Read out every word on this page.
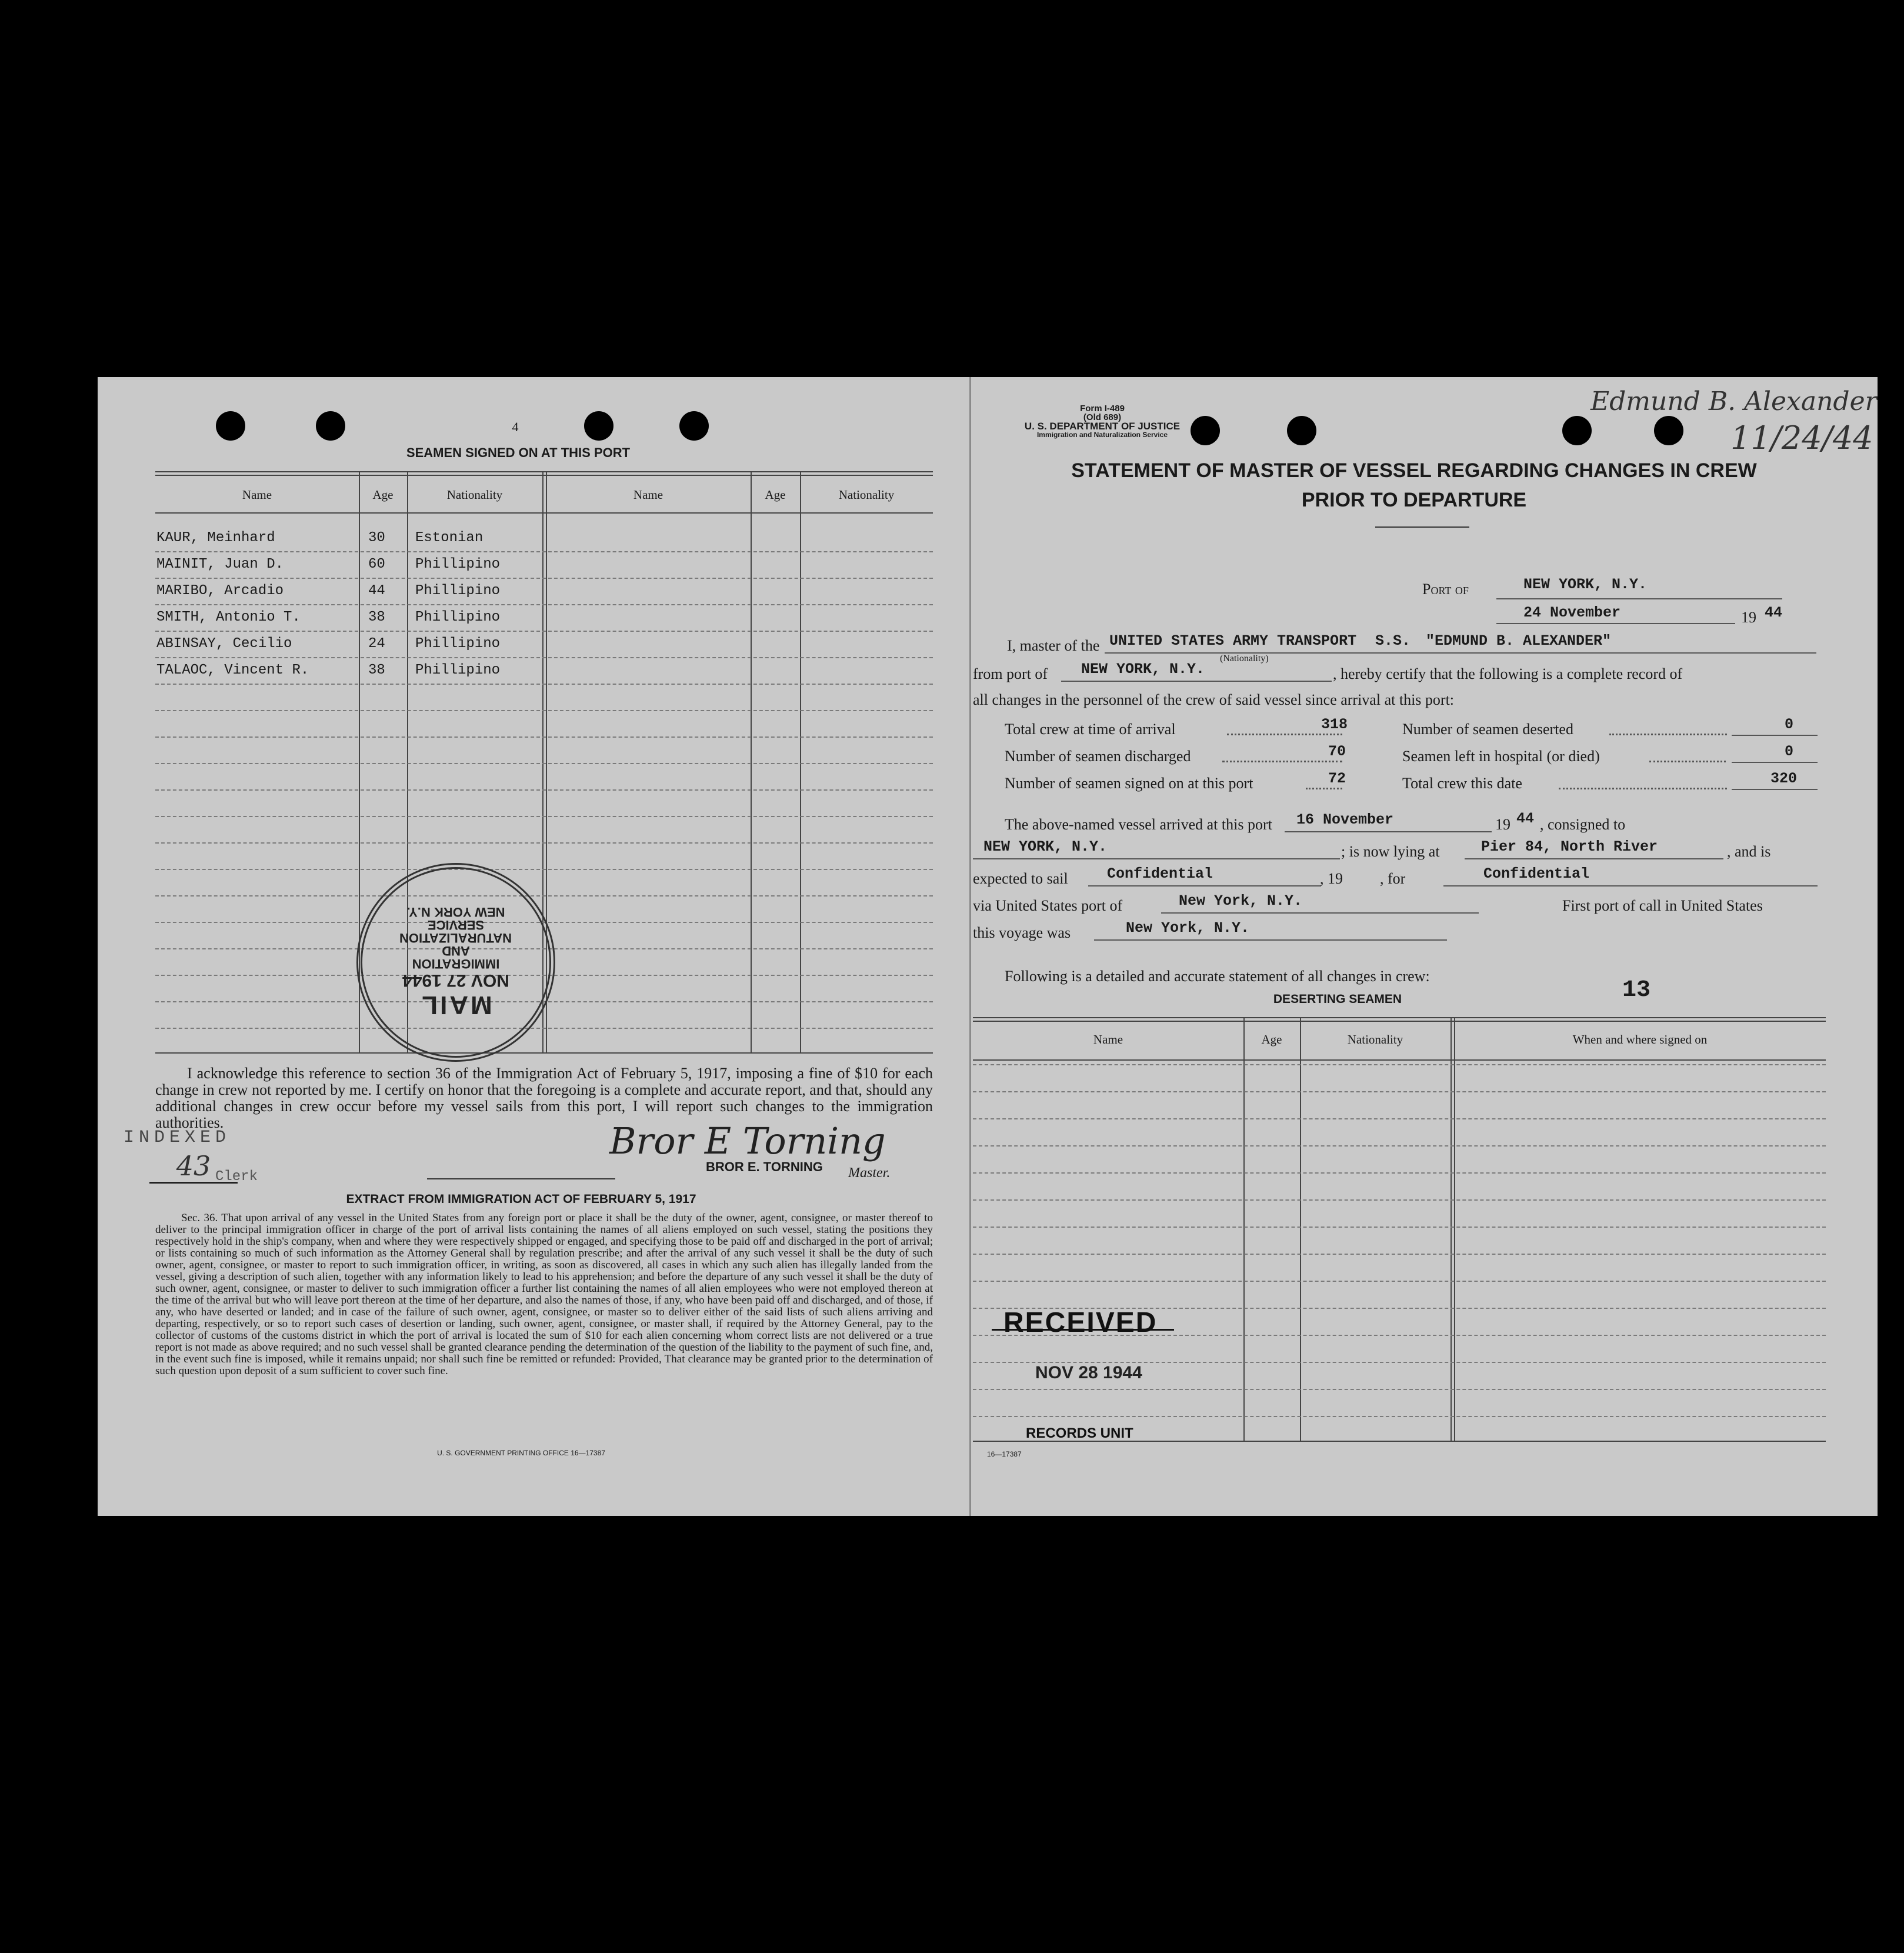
4
SEAMEN SIGNED ON AT THIS PORT
Name	Age	Nationality	Name	Age	Nationality
KAUR, Meinhard	30 Estonian
MAINIT, Juan D.	60 Phillipino
MARIBO, Arcadio	44 Phillipino
SMITH, Antonio T.	38 Phillipino
ABINSAY, Cecilio	24 Phillipino
TALAOC, Vincent R.	38 Phillipino
MAIL
NOV 27 1944
IMMIGRATION AND NATURALIZATION SERVICE
NEW YORK N.Y.
I acknowledge this reference to section 36 of the Immigration Act of February 5, 1917, imposing a fine of $10 for each change in crew not reported by me. I certify on honor that the foregoing is a complete and accurate report, and that, should any additional changes in crew occur before my vessel sails from this port, I will report such changes to the immigration authorities.
INDEXED
43 Clerk
Bror E Torning
BROR E. TORNING Master.
EXTRACT FROM IMMIGRATION ACT OF FEBRUARY 5, 1917
Sec. 36. That upon arrival of any vessel in the United States from any foreign port or place it shall be the duty of the owner, agent, consignee, or master thereof to deliver to the principal immigration officer in charge of the port of arrival lists containing the names of all aliens employed on such vessel, stating the positions they respectively hold in the ship's company, when and where they were respectively shipped or engaged, and specifying those to be paid off and discharged in the port of arrival; or lists containing so much of such information as the Attorney General shall by regulation prescribe; and after the arrival of any such vessel it shall be the duty of such owner, agent, consignee, or master to report to such immigration officer, in writing, as soon as discovered, all cases in which any such alien has illegally landed from the vessel, giving a description of such alien, together with any information likely to lead to his apprehension; and before the departure of any such vessel it shall be the duty of such owner, agent, consignee, or master to deliver to such immigration officer a further list containing the names of all alien employees who were not employed thereon at the time of the arrival but who will leave port thereon at the time of her departure, and also the names of those, if any, who have been paid off and discharged, and of those, if any, who have deserted or landed; and in case of the failure of such owner, agent, consignee, or master so to deliver either of the said lists of such aliens arriving and departing, respectively, or so to report such cases of desertion or landing, such owner, agent, consignee, or master shall, if required by the Attorney General, pay to the collector of customs of the customs district in which the port of arrival is located the sum of $10 for each alien concerning whom correct lists are not delivered or a true report is not made as above required; and no such vessel shall be granted clearance pending the determination of the question of the liability to the payment of such fine, and, in the event such fine is imposed, while it remains unpaid; nor shall such fine be remitted or refunded: Provided, That clearance may be granted prior to the determination of such question upon deposit of a sum sufficient to cover such fine.
U. S. GOVERNMENT PRINTING OFFICE 16—17387
Form I-489
(Old 689)
U. S. DEPARTMENT OF JUSTICE
Immigration and Naturalization Service
Edmund B. Alexander
11/24/44
STATEMENT OF MASTER OF VESSEL REGARDING CHANGES IN CREW
PRIOR TO DEPARTURE
Port of	NEW YORK, N.Y.
24 November	19 44
I, master of the UNITED STATES ARMY TRANSPORT S.S. "EDMUND B. ALEXANDER"
from port of NEW YORK, N.Y.
(Nationality)
, hereby certify that the following is a complete record of
all changes in the personnel of the crew of said vessel since arrival at this port:
Total crew at time of arrival	318	Number of seamen deserted	0
Number of seamen discharged	70	Seamen left in hospital (or died)	0
Number of seamen signed on at this port	72	Total crew this date	320
The above-named vessel arrived at this port 16 November	19 44 , consigned to
NEW YORK, N.Y.	; is now lying at	Pier 84, North River	, and is
expected to sail	Confidential	, 19 , for	Confidential
via United States port of	New York, N.Y.	First port of call in United States
this voyage was	New York, N.Y.
Following is a detailed and accurate statement of all changes in crew:
DESERTING SEAMEN	13
Name	Age	Nationality	When and where signed on
RECEIVED
NOV 28 1944
RECORDS UNIT
16—17387
